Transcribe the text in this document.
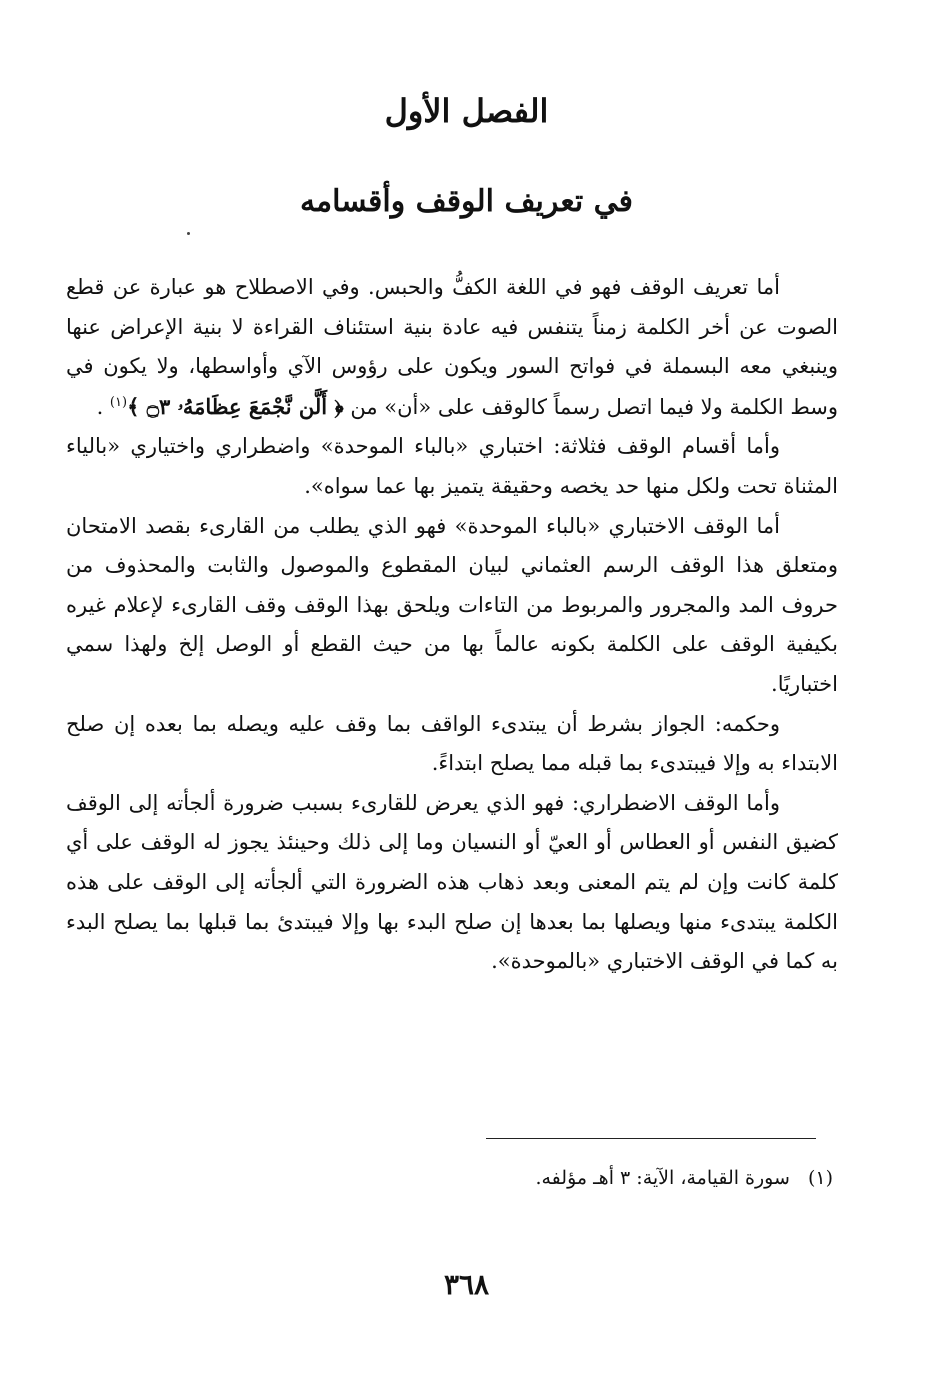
الفصل الأول
في تعريف الوقف وأقسامه

أما تعريف الوقف فهو في اللغة الكفُّ والحبس. وفي الاصطلاح هو عبارة عن قطع الصوت عن أخر الكلمة زمناً يتنفس فيه عادة بنية استئناف القراءة لا بنية الإعراض عنها وينبغي معه البسملة في فواتح السور ويكون على رؤوس الآي وأواسطها، ولا يكون في وسط الكلمة ولا فيما اتصل رسماً كالوقف على «أن» من ﴿ أَلَّن نَّجْمَعَ عِظَامَهُۥ ۝٣ ﴾$^{(١)}$ .

وأما أقسام الوقف فثلاثة: اختباري «بالباء الموحدة» واضطراري واختياري «بالياء المثناة تحت ولكل منها حد يخصه وحقيقة يتميز بها عما سواه».

أما الوقف الاختباري «بالباء الموحدة» فهو الذي يطلب من القارىء بقصد الامتحان ومتعلق هذا الوقف الرسم العثماني لبيان المقطوع والموصول والثابت والمحذوف من حروف المد والمجرور والمربوط من التاءات ويلحق بهذا الوقف وقف القارىء لإعلام غيره بكيفية الوقف على الكلمة بكونه عالماً بها من حيث القطع أو الوصل إلخ ولهذا سمي اختباريًا.

وحكمه: الجواز بشرط أن يبتدىء الواقف بما وقف عليه ويصله بما بعده إن صلح الابتداء به وإلا فيبتدىء بما قبله مما يصلح ابتداءً.

وأما الوقف الاضطراري: فهو الذي يعرض للقارىء بسبب ضرورة ألجأته إلى الوقف كضيق النفس أو العطاس أو العيّ أو النسيان وما إلى ذلك وحينئذ يجوز له الوقف على أي كلمة كانت وإن لم يتم المعنى وبعد ذهاب هذه الضرورة التي ألجأته إلى الوقف على هذه الكلمة يبتدىء منها ويصلها بما بعدها إن صلح البدء بها وإلا فيبتدئ بما قبلها بما يصلح البدء به كما في الوقف الاختباري «بالموحدة».

(١)سورة القيامة، الآية: ٣ أهـ مؤلفه.
٣٦٨
